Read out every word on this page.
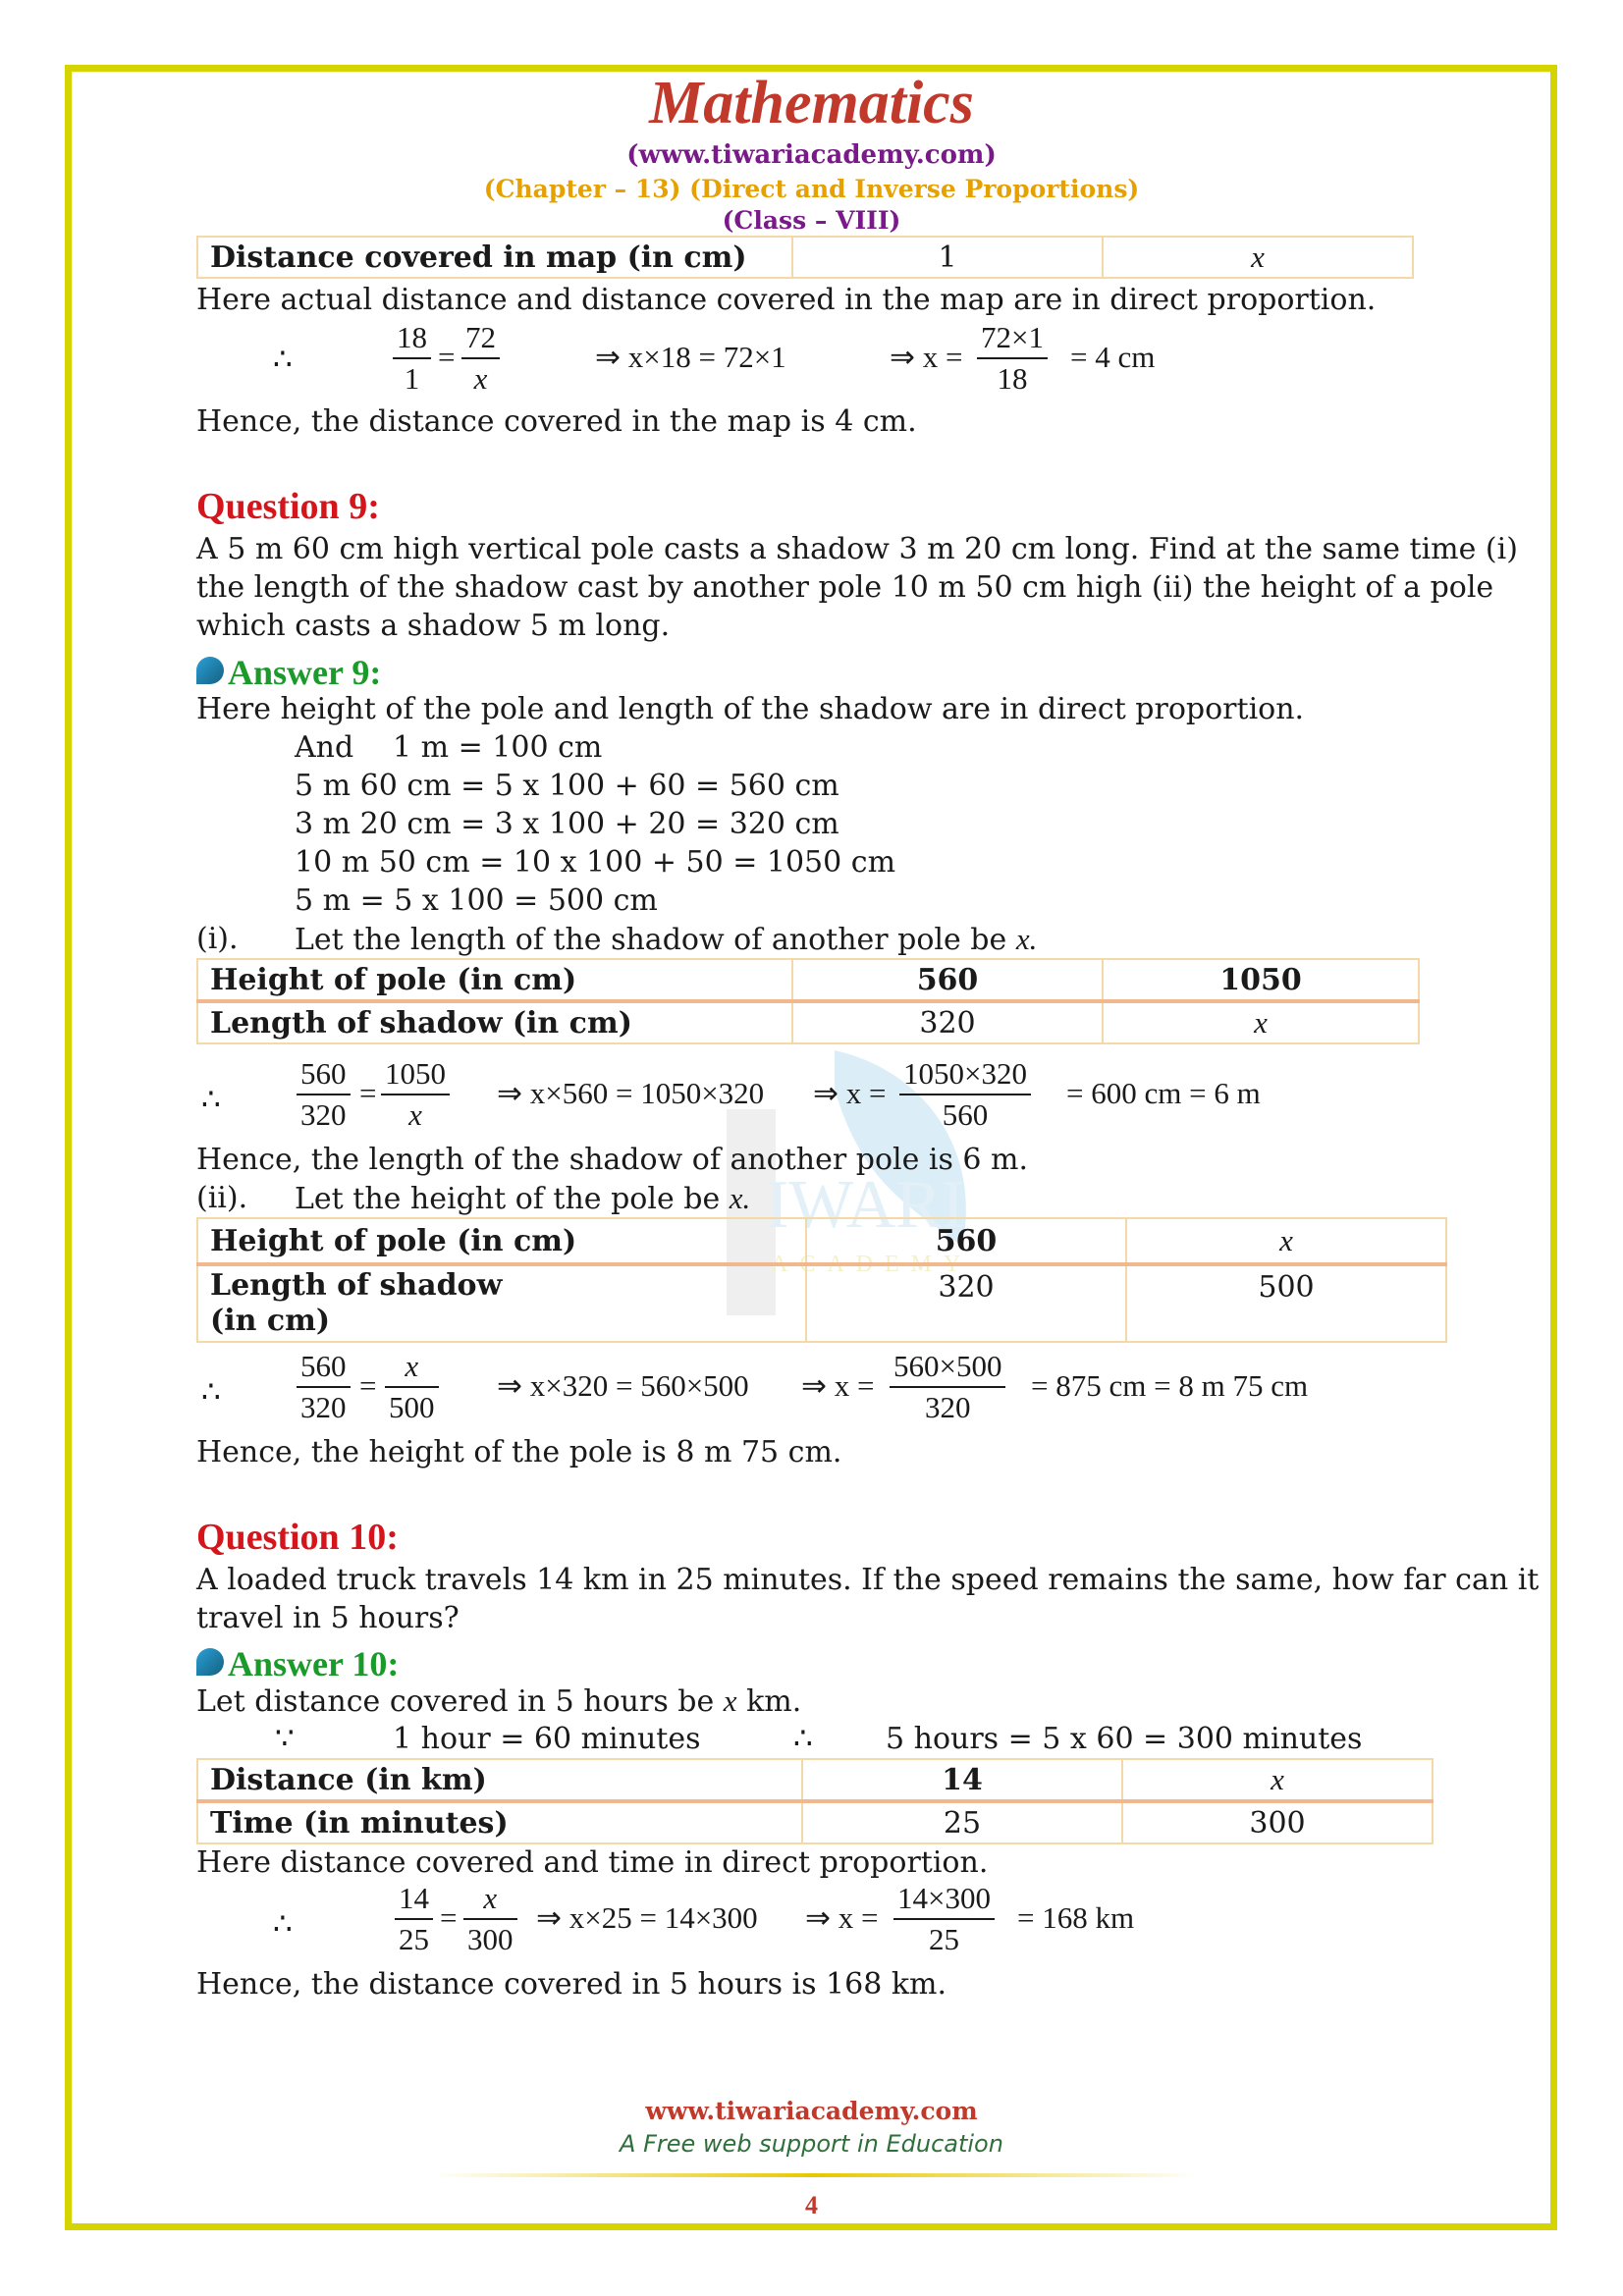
IWARI
ACADEMY
Mathematics
(www.tiwariacademy.com)
(Chapter – 13) (Direct and Inverse Proportions)
(Class – VIII)
Distance covered in map (in cm)	1	x
Here actual distance and distance covered in the map are in direct proportion.
∴	$\frac{18}{1} = \frac{72}{x}$	⇒ x×18 = 72×1	⇒ $x = \frac{72\times 1}{18} = 4$ cm
Hence, the distance covered in the map is 4 cm.
Question 9:
A 5 m 60 cm high vertical pole casts a shadow 3 m 20 cm long. Find at the same time (i)
the length of the shadow cast by another pole 10 m 50 cm high (ii) the height of a pole
which casts a shadow 5 m long.
Answer 9:
Here height of the pole and length of the shadow are in direct proportion.
And 1 m = 100 cm
5 m 60 cm = 5 x 100 + 60 = 560 cm
3 m 20 cm = 3 x 100 + 20 = 320 cm
10 m 50 cm = 10 x 100 + 50 = 1050 cm
5 m = 5 x 100 = 500 cm
(i). Let the length of the shadow of another pole be x.
Height of pole (in cm)	560	1050
Length of shadow (in cm)	320	x
∴ $\frac{560}{320} = \frac{1050}{x}$ ⇒ x×560 = 1050×320 ⇒ $x = \frac{1050\times 320}{560} = 600$ cm = 6 m
Hence, the length of the shadow of another pole is 6 m.
(ii). Let the height of the pole be x.
Height of pole (in cm)	560	x
Length of shadow
(in cm)	320	500
∴ $\frac{560}{320} = \frac{x}{500}$ ⇒ x×320 = 560×500 ⇒ $x = \frac{560\times 500}{320} = 875$ cm = 8 m 75 cm
Hence, the height of the pole is 8 m 75 cm.
Question 10:
A loaded truck travels 14 km in 25 minutes. If the speed remains the same, how far can it
travel in 5 hours?
Answer 10:
Let distance covered in 5 hours be x km.
∵	1 hour = 60 minutes	∴ 5 hours = 5 x 60 = 300 minutes
Distance (in km)	14	x
Time (in minutes)	25	300
Here distance covered and time in direct proportion.
∴	$\frac{14}{25} = \frac{x}{300}$ ⇒ x×25 = 14×300 ⇒ $x = \frac{14\times 300}{25} = 168$ km
Hence, the distance covered in 5 hours is 168 km.
www.tiwariacademy.com
A Free web support in Education
4
